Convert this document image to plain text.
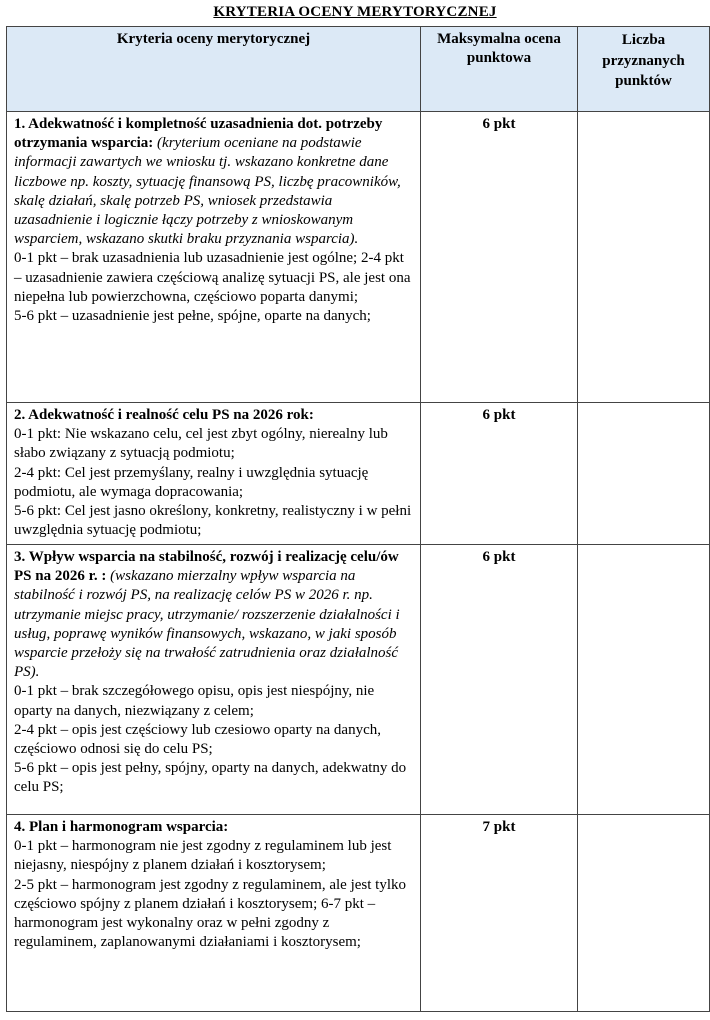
KRYTERIA OCENY MERYTORYCZNEJ
Kryteria oceny merytorycznej	Maksymalna ocena punktowa	Liczba przyznanych punktów
1. Adekwatność i kompletność uzasadnienia dot. potrzeby otrzymania wsparcia: (kryterium oceniane na podstawie informacji zawartych we wniosku tj. wskazano konkretne dane liczbowe np. koszty, sytuację finansową PS, liczbę pracowników, skalę działań, skalę potrzeb PS, wniosek przedstawia uzasadnienie i logicznie łączy potrzeby z wnioskowanym wsparciem, wskazano skutki braku przyznania wsparcia).
0-1 pkt – brak uzasadnienia lub uzasadnienie jest ogólne; 2-4 pkt – uzasadnienie zawiera częściową analizę sytuacji PS, ale jest ona niepełna lub powierzchowna, częściowo poparta danymi;
5-6 pkt – uzasadnienie jest pełne, spójne, oparte na danych;	6 pkt	
2. Adekwatność i realność celu PS na 2026 rok:
0-1 pkt: Nie wskazano celu, cel jest zbyt ogólny, nierealny lub słabo związany z sytuacją podmiotu;
2-4 pkt: Cel jest przemyślany, realny i uwzględnia sytuację podmiotu, ale wymaga dopracowania;
5-6 pkt: Cel jest jasno określony, konkretny, realistyczny i w pełni uwzględnia sytuację podmiotu;	6 pkt	
3. Wpływ wsparcia na stabilność, rozwój i realizację celu/ów PS na 2026 r. : (wskazano mierzalny wpływ wsparcia na stabilność i rozwój PS, na realizację celów PS w 2026 r. np. utrzymanie miejsc pracy, utrzymanie/ rozszerzenie działalności i usług, poprawę wyników finansowych, wskazano, w jaki sposób wsparcie przełoży się na trwałość zatrudnienia oraz działalność PS).
0-1 pkt – brak szczegółowego opisu, opis jest niespójny, nie oparty na danych, niezwiązany z celem;
2-4 pkt – opis jest częściowy lub czesiowo oparty na danych, częściowo odnosi się do celu PS;
5-6 pkt – opis jest pełny, spójny, oparty na danych, adekwatny do celu PS;	6 pkt	

4. Plan i harmonogram wsparcia:
0-1 pkt – harmonogram nie jest zgodny z regulaminem lub jest niejasny, niespójny z planem działań i kosztorysem;
2-5 pkt – harmonogram jest zgodny z regulaminem, ale jest tylko częściowo spójny z planem działań i kosztorysem; 6-7 pkt – harmonogram jest wykonalny oraz w pełni zgodny z regulaminem, zaplanowanymi działaniami i kosztorysem;	7 pkt	
